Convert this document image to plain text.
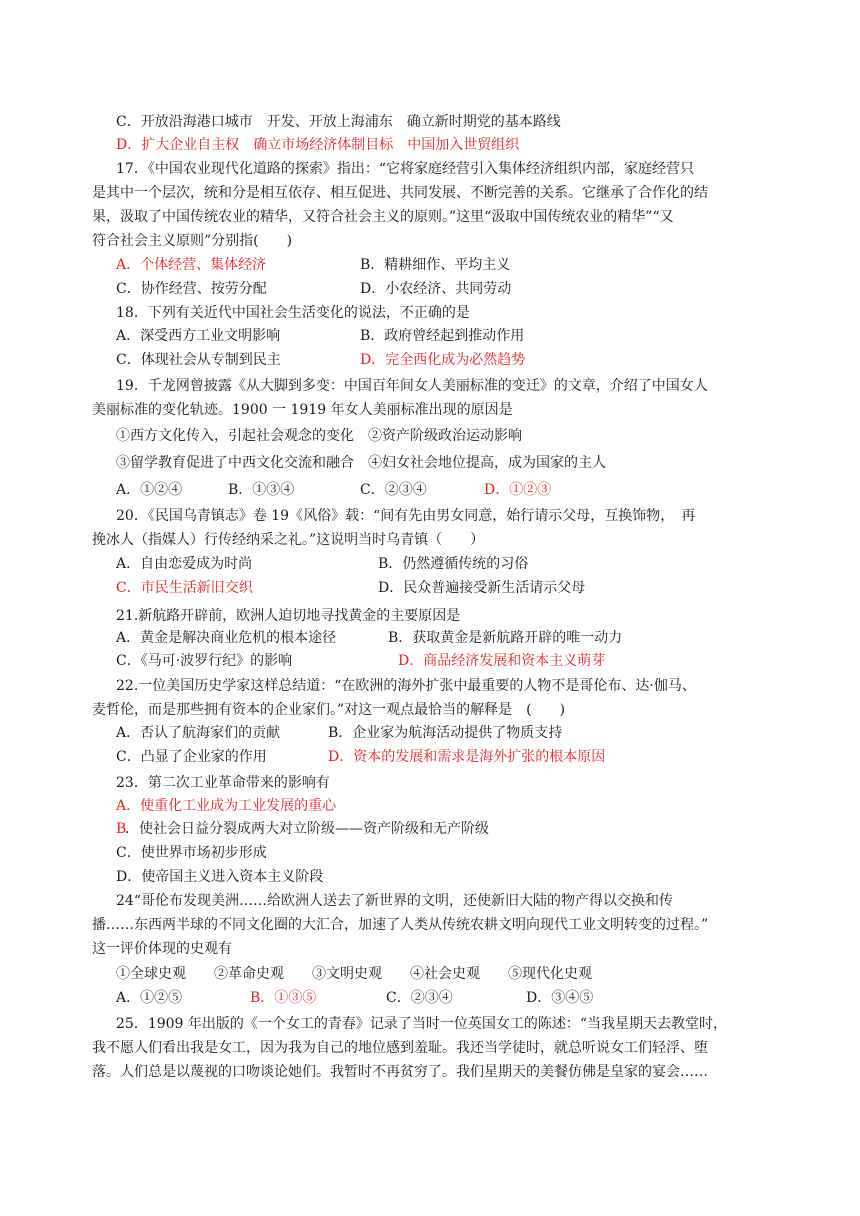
C．开放沿海港口城市　开发、开放上海浦东　确立新时期党的基本路线
D．扩大企业自主权　确立市场经济体制目标　中国加入世贸组织
17．《中国农业现代化道路的探索》指出：“它将家庭经营引入集体经济组织内部，家庭经营只
是其中一个层次，统和分是相互依存、相互促进、共同发展、不断完善的关系。它继承了合作化的结
果，汲取了中国传统农业的精华，又符合社会主义的原则。”这里“汲取中国传统农业的精华”“又
符合社会主义原则”分别指(　　)
A．个体经营、集体经济	B．精耕细作、平均主义
C．协作经营、按劳分配	D．小农经济、共同劳动
18．下列有关近代中国社会生活变化的说法，不正确的是
A．深受西方工业文明影响	B．政府曾经起到推动作用
C．体现社会从专制到民主	D．完全西化成为必然趋势
19．千龙网曾披露《从大脚到多变：中国百年间女人美丽标准的变迁》的文章，介绍了中国女人
美丽标准的变化轨迹。1900 一 1919 年女人美丽标准出现的原因是
①西方文化传入，引起社会观念的变化　②资产阶级政治运动影响
③留学教育促进了中西文化交流和融合　④妇女社会地位提高，成为国家的主人
A．①②④	B．①③④	C．②③④	D．①②③
20．《民国乌青镇志》卷 19《风俗》载：“间有先由男女同意，始行请示父母，互换饰物，　再
挽冰人（指媒人）行传经纳采之礼。”这说明当时乌青镇（　　）
A．自由恋爱成为时尚	B．仍然遵循传统的习俗
C．市民生活新旧交织	D．民众普遍接受新生活请示父母
21.新航路开辟前，欧洲人迫切地寻找黄金的主要原因是
A．黄金是解决商业危机的根本途径	B．获取黄金是新航路开辟的唯一动力
C．《马可·波罗行纪》的影响	D．商品经济发展和资本主义萌芽
22.一位美国历史学家这样总结道：“在欧洲的海外扩张中最重要的人物不是哥伦布、达·伽马、
麦哲伦，而是那些拥有资本的企业家们。”对这一观点最恰当的解释是　(　　)
A．否认了航海家们的贡献	B．企业家为航海活动提供了物质支持
C．凸显了企业家的作用	D．资本的发展和需求是海外扩张的根本原因
23．第二次工业革命带来的影响有
A．使重化工业成为工业发展的重心
B
．使社会日益分裂成两大对立阶级——资产阶级和无产阶级
C．使世界市场初步形成
D．使帝国主义进入资本主义阶段
24“哥伦布发现美洲……给欧洲人送去了新世界的文明，还使新旧大陆的物产得以交换和传
播……东西两半球的不同文化圈的大汇合，加速了人类从传统农耕文明向现代工业文明转变的过程。”
这一评价体现的史观有
①全球史观　　②革命史观　　③文明史观　　④社会史观　　⑤现代化史观
A．①②⑤	B．①③⑤	C．②③④	D．③④⑤
25．1909 年出版的《一个女工的青春》记录了当时一位英国女工的陈述：“当我星期天去教堂时，
我不愿人们看出我是女工，因为我为自己的地位感到羞耻。我还当学徒时，就总听说女工们轻浮、堕
落。人们总是以蔑视的口吻谈论她们。我暂时不再贫穷了。我们星期天的美餐仿佛是皇家的宴会……
